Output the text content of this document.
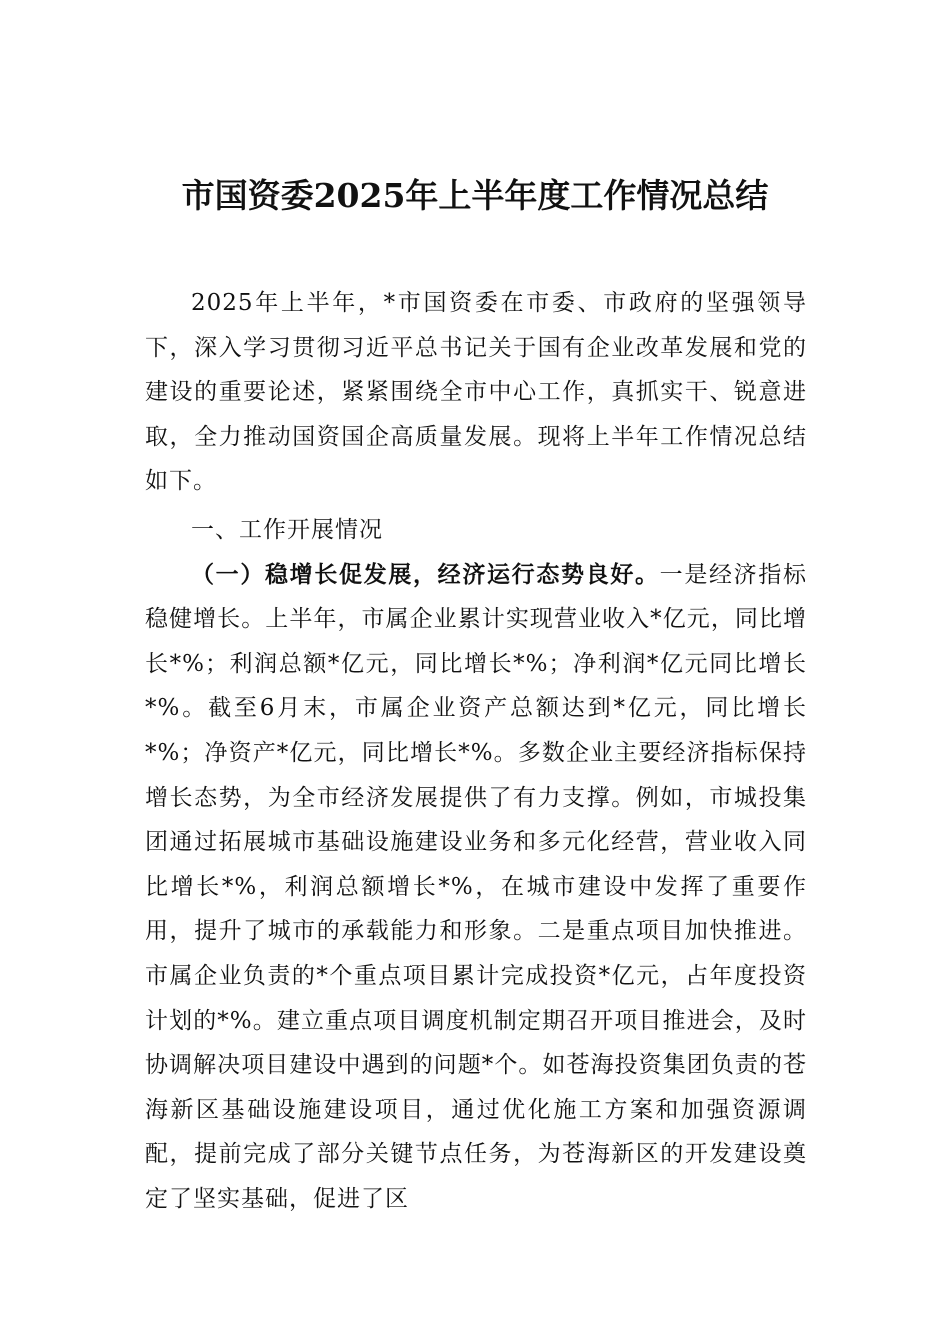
市国资委2025年上半年度工作情况总结

2025年上半年，*市国资委在市委、市政府的坚强领导下，深入学习贯彻习近平总书记关于国有企业改革发展和党的建设的重要论述，紧紧围绕全市中心工作，真抓实干、锐意进取，全力推动国资国企高质量发展。现将上半年工作情况总结如下。

一、工作开展情况

（一）稳增长促发展，经济运行态势良好。一是经济指标稳健增长。上半年，市属企业累计实现营业收入*亿元，同比增长*%；利润总额*亿元，同比增长*%；净利润*亿元同比增长*%。截至6月末，市属企业资产总额达到*亿元，同比增长*%；净资产*亿元，同比增长*%。多数企业主要经济指标保持增长态势，为全市经济发展提供了有力支撑。例如，市城投集团通过拓展城市基础设施建设业务和多元化经营，营业收入同比增长*%，利润总额增长*%，在城市建设中发挥了重要作用，提升了城市的承载能力和形象。二是重点项目加快推进。市属企业负责的*个重点项目累计完成投资*亿元，占年度投资计划的*%。建立重点项目调度机制定期召开项目推进会，及时协调解决项目建设中遇到的问题*个。如苍海投资集团负责的苍海新区基础设施建设项目，通过优化施工方案和加强资源调配，提前完成了部分关键节点任务，为苍海新区的开发建设奠定了坚实基础，促进了区
